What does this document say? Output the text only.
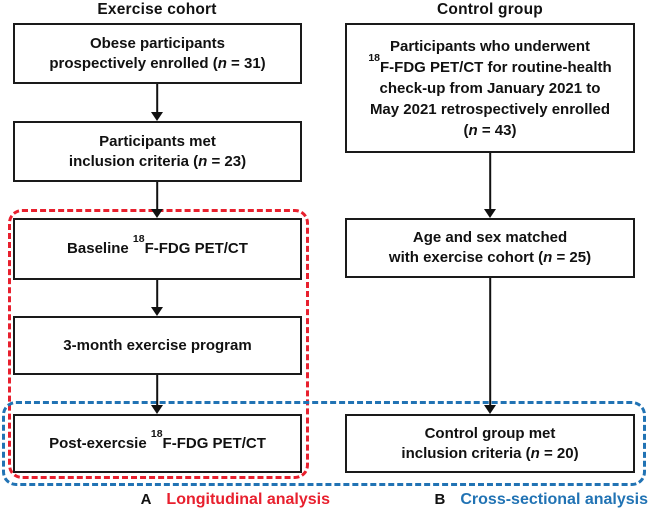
Exercise cohort	Control group
Obese participants
prospectively enrolled (n = 31)
Participants met
inclusion criteria (n = 23)
Baseline $^{18}$F-FDG PET/CT
3-month exercise program
Post-exercsie $^{18}$F-FDG PET/CT
Participants who underwent
$^{18}$F-FDG PET/CT for routine-health
check-up from January 2021 to
May 2021 retrospectively enrolled
(n = 43)
Age and sex matched
with exercise cohort (n = 25)
Control group met
inclusion criteria (n = 20)
A Longitudinal analysis	B Cross-sectional analysis
